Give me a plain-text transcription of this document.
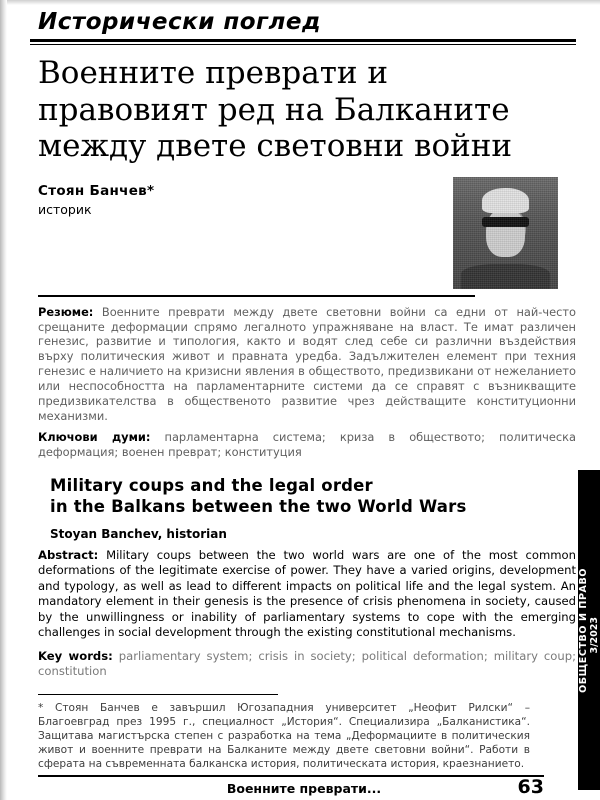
Исторически поглед
Военните преврати и
правовият ред на Балканите
между двете световни войни
Стоян Банчев*
историк
Резюме: Военните преврати между двете световни войни са едни от най-често срещаните деформации спрямо легалното упражняване на власт. Те имат различен генезис, развитие и типология, както и водят след себе си различни въздействия върху политическия живот и правната уредба. Задължителен елемент при техния генезис е наличието на кризисни явления в обществото, предизвикани от нежеланието или неспособността на парламентарните системи да се справят с възникващите предизвикателства в общественото развитие чрез действащите конституционни механизми.
Ключови думи: парламентарна система; криза в обществото; политическа деформация; военен преврат; конституция
Military coups and the legal order
in the Balkans between the two World Wars
Stoyan Banchev, historian
Abstract: Military coups between the two world wars are one of the most common deformations of the legitimate exercise of power. They have a varied origins, development and typology, as well as lead to different impacts on political life and the legal system. An mandatory element in their genesis is the presence of crisis phenomena in society, caused by the unwillingness or inability of parliamentary systems to cope with the emerging challenges in social development through the existing constitutional mechanisms.
Key words: parliamentary system; crisis in society; political deformation; military coup; constitution
* Стоян Банчев е завършил Югозападния университет „Неофит Рилски“ – Благоевград през 1995 г., специалност „История“. Специализира „Балканистика“. Защитава магистърска степен с разработка на тема „Деформациите в политическия живот и военните преврати на Балканите между двете световни войни“. Работи в сферата на съвременната балканска история, политическата история, краезнанието.
ОБЩЕСТВО И ПРАВО 3/2023
Военните преврати...	63
